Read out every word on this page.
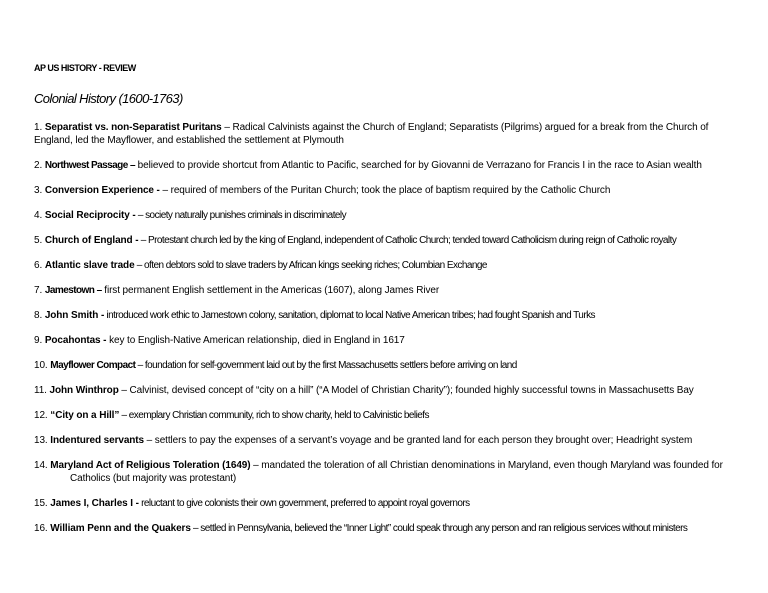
AP US HISTORY - REVIEW
Colonial History (1600-1763)

1. Separatist vs. non-Separatist Puritans – Radical Calvinists against the Church of England; Separatists (Pilgrims) argued for a break from the Church of England, led the Mayflower, and established the settlement at Plymouth

2. Northwest Passage – believed to provide shortcut from Atlantic to Pacific, searched for by Giovanni de Verrazano for Francis I in the race to Asian wealth

3. Conversion Experience - – required of members of the Puritan Church; took the place of baptism required by the Catholic Church

4. Social Reciprocity - – society naturally punishes criminals in discriminately

5. Church of England - – Protestant church led by the king of England, independent of Catholic Church; tended toward Catholicism during reign of Catholic royalty

6. Atlantic slave trade – often debtors sold to slave traders by African kings seeking riches; Columbian Exchange

7. Jamestown – first permanent English settlement in the Americas (1607), along James River

8. John Smith - introduced work ethic to Jamestown colony, sanitation, diplomat to local Native American tribes; had fought Spanish and Turks

9. Pocahontas - key to English-Native American relationship, died in England in 1617

10. Mayflower Compact – foundation for self-government laid out by the first Massachusetts settlers before arriving on land

11. John Winthrop – Calvinist, devised concept of “city on a hill” (“A Model of Christian Charity”); founded highly successful towns in Massachusetts Bay

12. “City on a Hill” – exemplary Christian community, rich to show charity, held to Calvinistic beliefs

13. Indentured servants – settlers to pay the expenses of a servant’s voyage and be granted land for each person they brought over; Headright system

14. Maryland Act of Religious Toleration (1649) – mandated the toleration of all Christian denominations in Maryland, even though Maryland was founded for Catholics (but majority was protestant)

15. James I, Charles I - reluctant to give colonists their own government, preferred to appoint royal governors

16. William Penn and the Quakers – settled in Pennsylvania, believed the “Inner Light” could speak through any person and ran religious services without ministers
